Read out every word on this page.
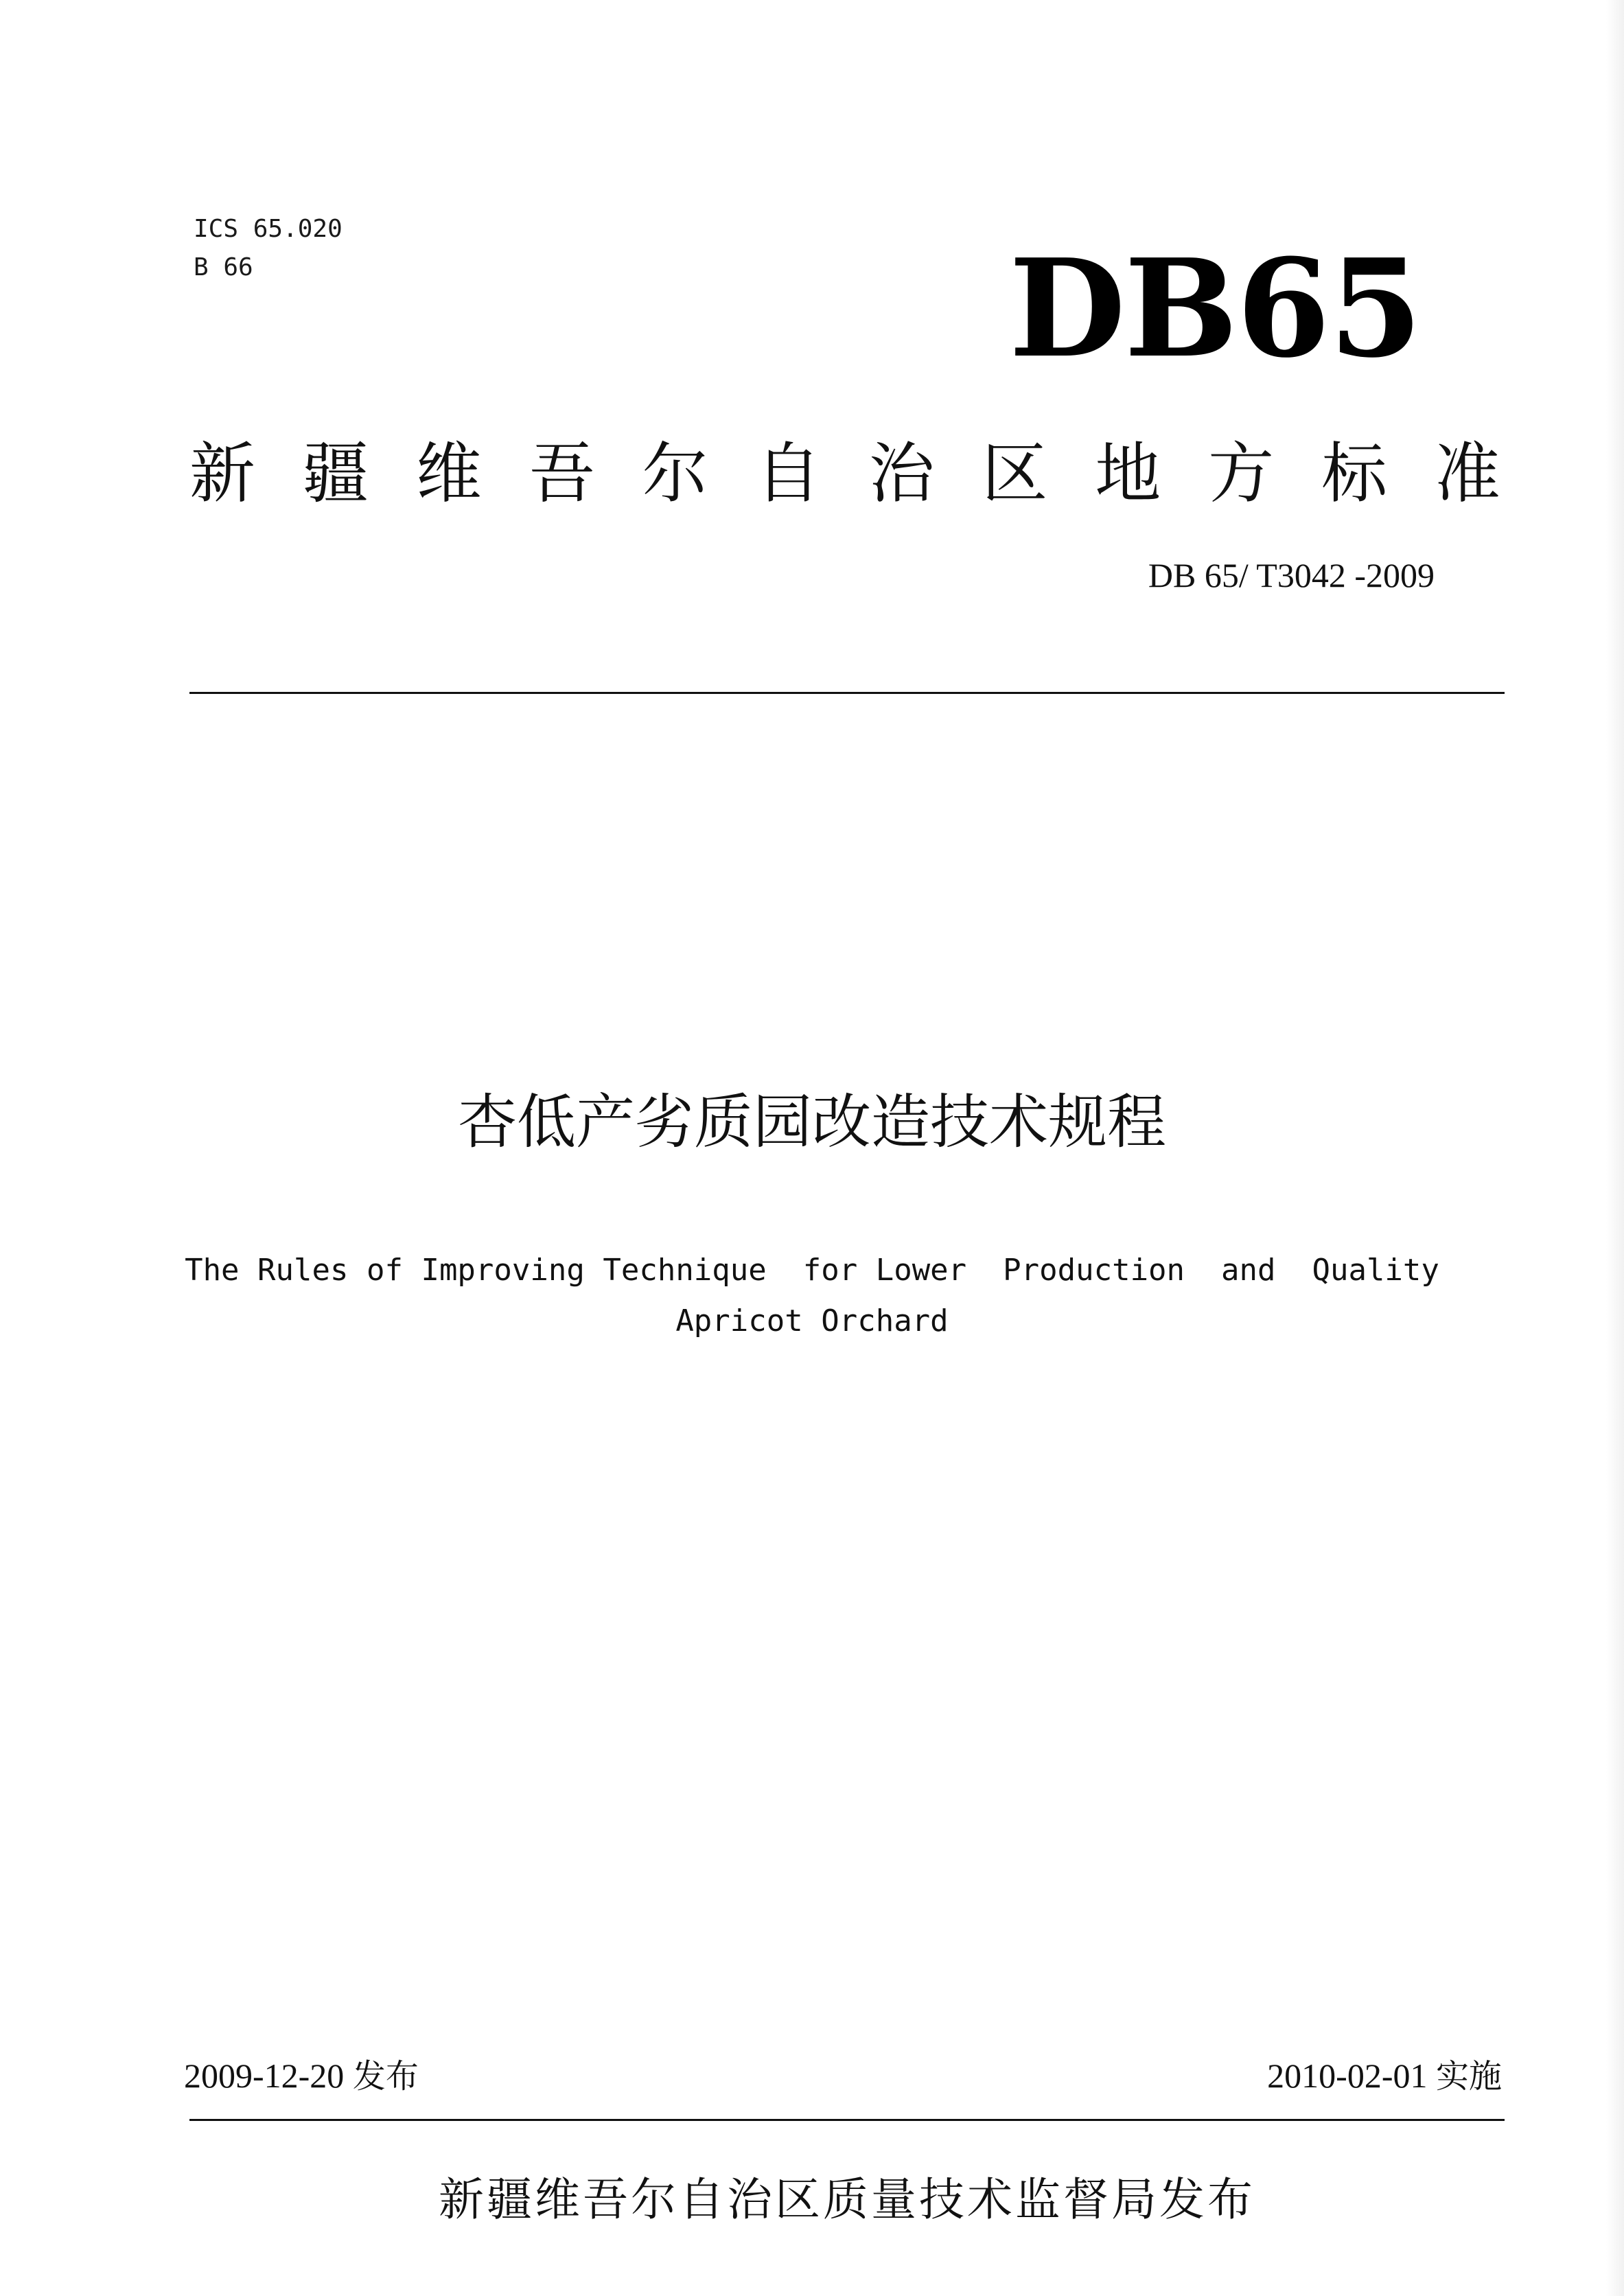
ICS 65.020
B 66	DB65
新 疆 维 吾 尔 自 治 区 地 方 标 准
DB 65/ T3042 -2009
杏低产劣质园改造技术规程
The Rules of Improving Technique  for Lower  Production  and  Quality
Apricot Orchard
2009-12-20 发布	2010-02-01 实施
新疆维吾尔自治区质量技术监督局发布
